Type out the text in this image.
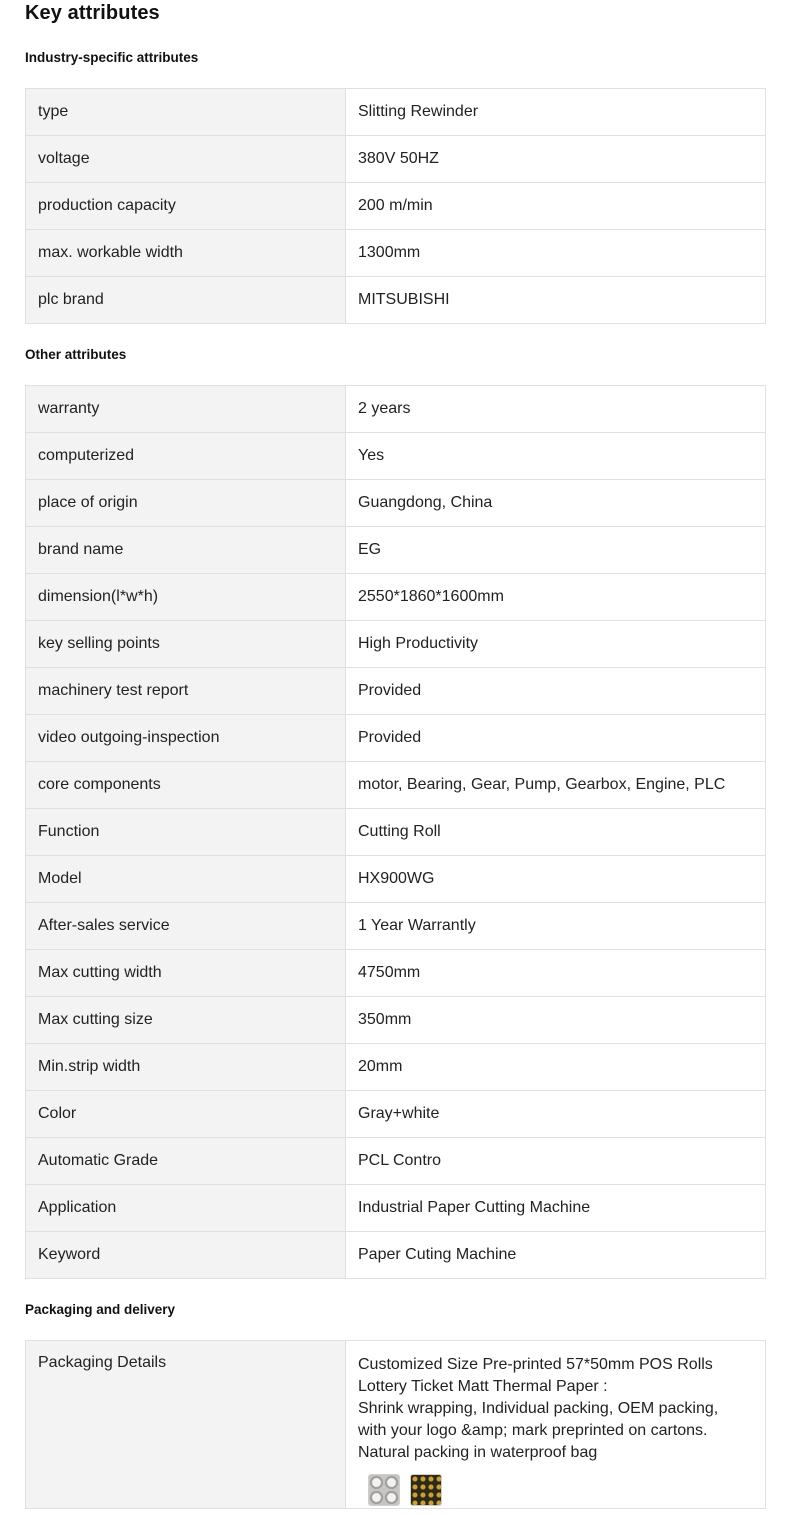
Key attributes
Industry-specific attributes
type	Slitting Rewinder
voltage	380V 50HZ
production capacity	200 m/min
max. workable width	1300mm
plc brand	MITSUBISHI
Other attributes
warranty	2 years
computerized	Yes
place of origin	Guangdong, China
brand name	EG
dimension(l*w*h)	2550*1860*1600mm
key selling points	High Productivity
machinery test report	Provided
video outgoing-inspection	Provided
core components	motor, Bearing, Gear, Pump, Gearbox, Engine, PLC
Function	Cutting Roll
Model	HX900WG
After-sales service	1 Year Warrantly
Max cutting width	4750mm
Max cutting size	350mm
Min.strip width	20mm
Color	Gray+white
Automatic Grade	PCL Contro
Application	Industrial Paper Cutting Machine
Keyword	Paper Cuting Machine
Packaging and delivery
Packaging Details	Customized Size Pre-printed 57*50mm POS Rolls
Lottery Ticket Matt Thermal Paper :
Shrink wrapping, Individual packing, OEM packing,
with your logo &amp; mark preprinted on cartons.
Natural packing in waterproof bag
